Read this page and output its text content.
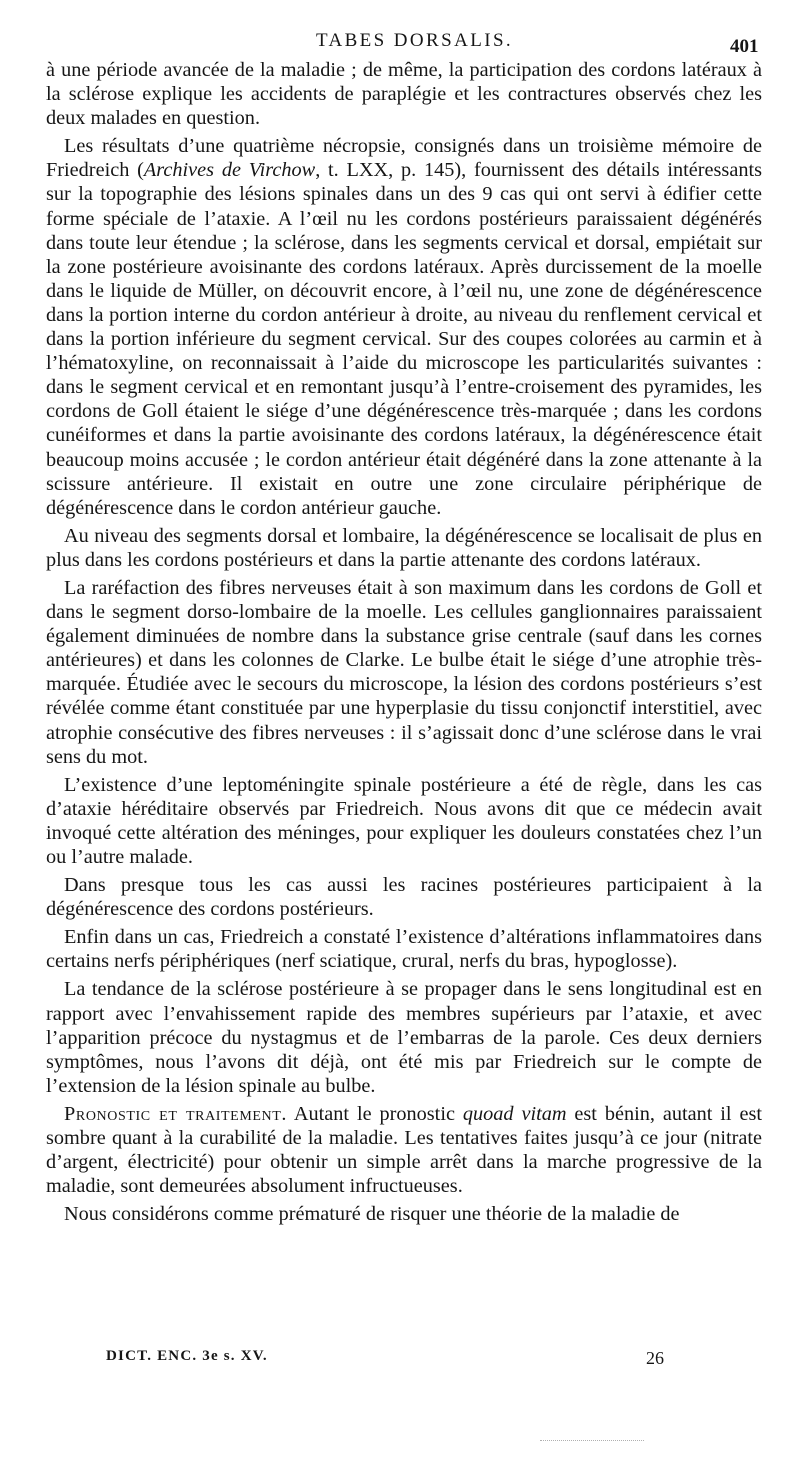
TABES DORSALIS.	401

à une période avancée de la maladie ; de même, la participation des cordons latéraux à la sclérose explique les accidents de paraplégie et les contractures observés chez les deux malades en question.

Les résultats d’une quatrième nécropsie, consignés dans un troisième mémoire de Friedreich (Archives de Virchow, t. LXX, p. 145), fournissent des détails intéressants sur la topographie des lésions spinales dans un des 9 cas qui ont servi à édifier cette forme spéciale de l’ataxie. A l’œil nu les cordons postérieurs paraissaient dégénérés dans toute leur étendue ; la sclérose, dans les segments cervical et dorsal, empiétait sur la zone postérieure avoisinante des cordons latéraux. Après durcissement de la moelle dans le liquide de Müller, on découvrit encore, à l’œil nu, une zone de dégénérescence dans la portion interne du cordon antérieur à droite, au niveau du renflement cervical et dans la portion inférieure du segment cervical. Sur des coupes colorées au carmin et à l’hématoxyline, on reconnaissait à l’aide du microscope les particularités suivantes : dans le segment cervical et en remontant jusqu’à l’entre-croisement des pyramides, les cordons de Goll étaient le siége d’une dégénérescence très-marquée ; dans les cordons cunéiformes et dans la partie avoisinante des cordons latéraux, la dégénérescence était beaucoup moins accusée ; le cordon antérieur était dégénéré dans la zone attenante à la scissure antérieure. Il existait en outre une zone circulaire périphérique de dégénérescence dans le cordon antérieur gauche.

Au niveau des segments dorsal et lombaire, la dégénérescence se localisait de plus en plus dans les cordons postérieurs et dans la partie attenante des cordons latéraux.

La raréfaction des fibres nerveuses était à son maximum dans les cordons de Goll et dans le segment dorso-lombaire de la moelle. Les cellules ganglionnaires paraissaient également diminuées de nombre dans la substance grise centrale (sauf dans les cornes antérieures) et dans les colonnes de Clarke. Le bulbe était le siége d’une atrophie très-marquée. Étudiée avec le secours du microscope, la lésion des cordons postérieurs s’est révélée comme étant constituée par une hyperplasie du tissu conjonctif interstitiel, avec atrophie consécutive des fibres nerveuses : il s’agissait donc d’une sclérose dans le vrai sens du mot.

L’existence d’une leptoméningite spinale postérieure a été de règle, dans les cas d’ataxie héréditaire observés par Friedreich. Nous avons dit que ce médecin avait invoqué cette altération des méninges, pour expliquer les douleurs constatées chez l’un ou l’autre malade.

Dans presque tous les cas aussi les racines postérieures participaient à la dégénérescence des cordons postérieurs.

Enfin dans un cas, Friedreich a constaté l’existence d’altérations inflammatoires dans certains nerfs périphériques (nerf sciatique, crural, nerfs du bras, hypoglosse).

La tendance de la sclérose postérieure à se propager dans le sens longitudinal est en rapport avec l’envahissement rapide des membres supérieurs par l’ataxie, et avec l’apparition précoce du nystagmus et de l’embarras de la parole. Ces deux derniers symptômes, nous l’avons dit déjà, ont été mis par Friedreich sur le compte de l’extension de la lésion spinale au bulbe.

Pronostic et traitement. Autant le pronostic quoad vitam est bénin, autant il est sombre quant à la curabilité de la maladie. Les tentatives faites jusqu’à ce jour (nitrate d’argent, électricité) pour obtenir un simple arrêt dans la marche progressive de la maladie, sont demeurées absolument infructueuses.

Nous considérons comme prématuré de risquer une théorie de la maladie de

DICT. ENC. 3e s. XV.	26
